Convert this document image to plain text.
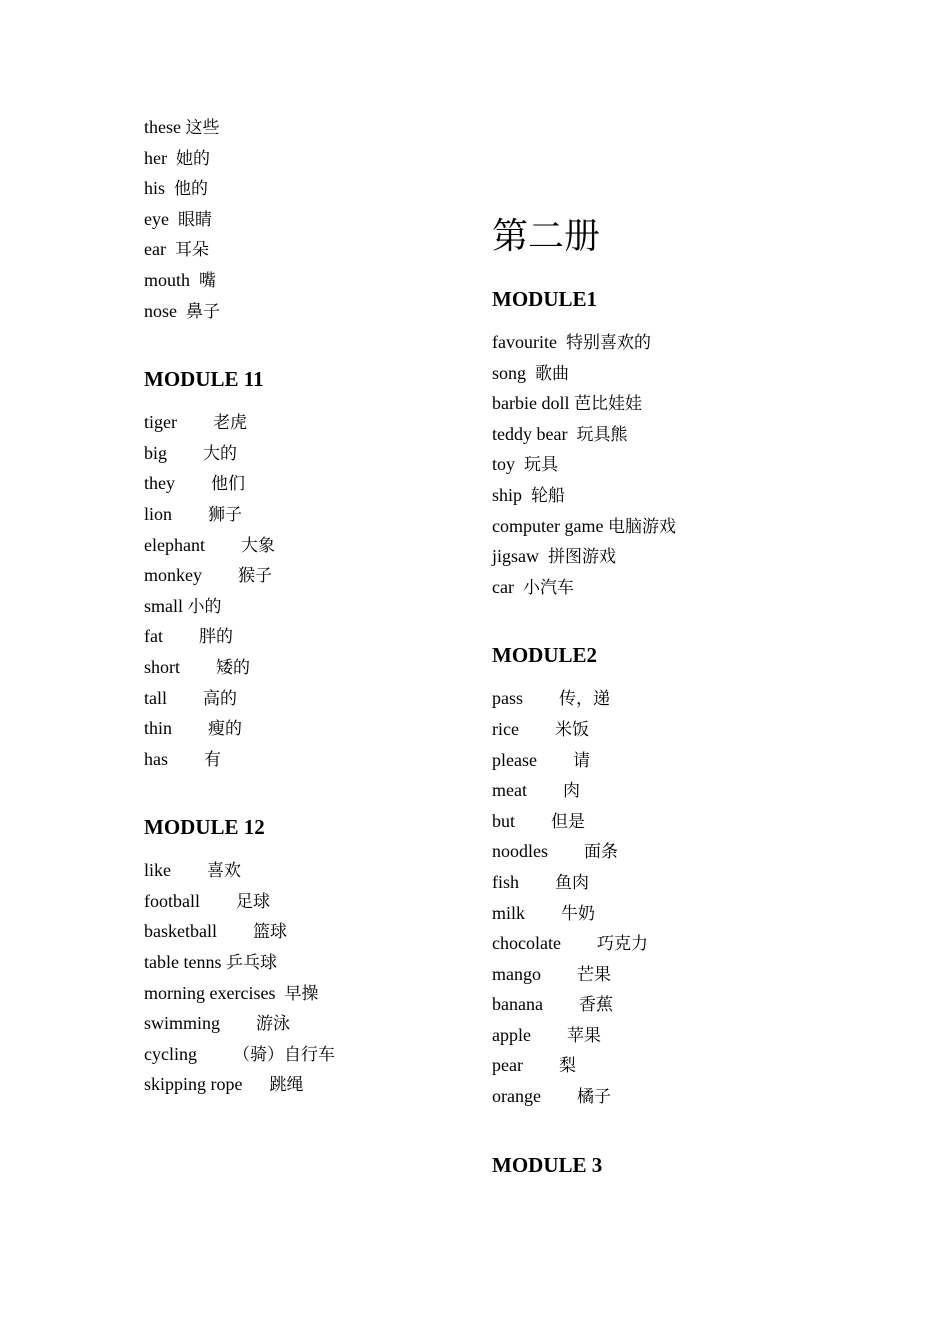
these 这些
her 她的
his 他的
eye 眼睛
ear 耳朵
mouth 嘴
nose 鼻子
MODULE 11
tiger 老虎
big 大的
they 他们
lion 狮子
elephant 大象
monkey 猴子
small 小的
fat 胖的
short 矮的
tall 高的
thin 瘦的
has 有
MODULE 12
like 喜欢
football 足球
basketball 篮球
table tenns 乒乓球
morning exercises 早操
swimming 游泳
cycling （骑）自行车
skipping rope 跳绳
第二册
MODULE1
favourite 特别喜欢的
song 歌曲
barbie doll 芭比娃娃
teddy bear 玩具熊
toy 玩具
ship 轮船
computer game 电脑游戏
jigsaw 拼图游戏
car 小汽车
MODULE2
pass 传，递
rice 米饭
please 请
meat 肉
but 但是
noodles 面条
fish 鱼肉
milk 牛奶
chocolate 巧克力
mango 芒果
banana 香蕉
apple 苹果
pear 梨
orange 橘子
MODULE 3
